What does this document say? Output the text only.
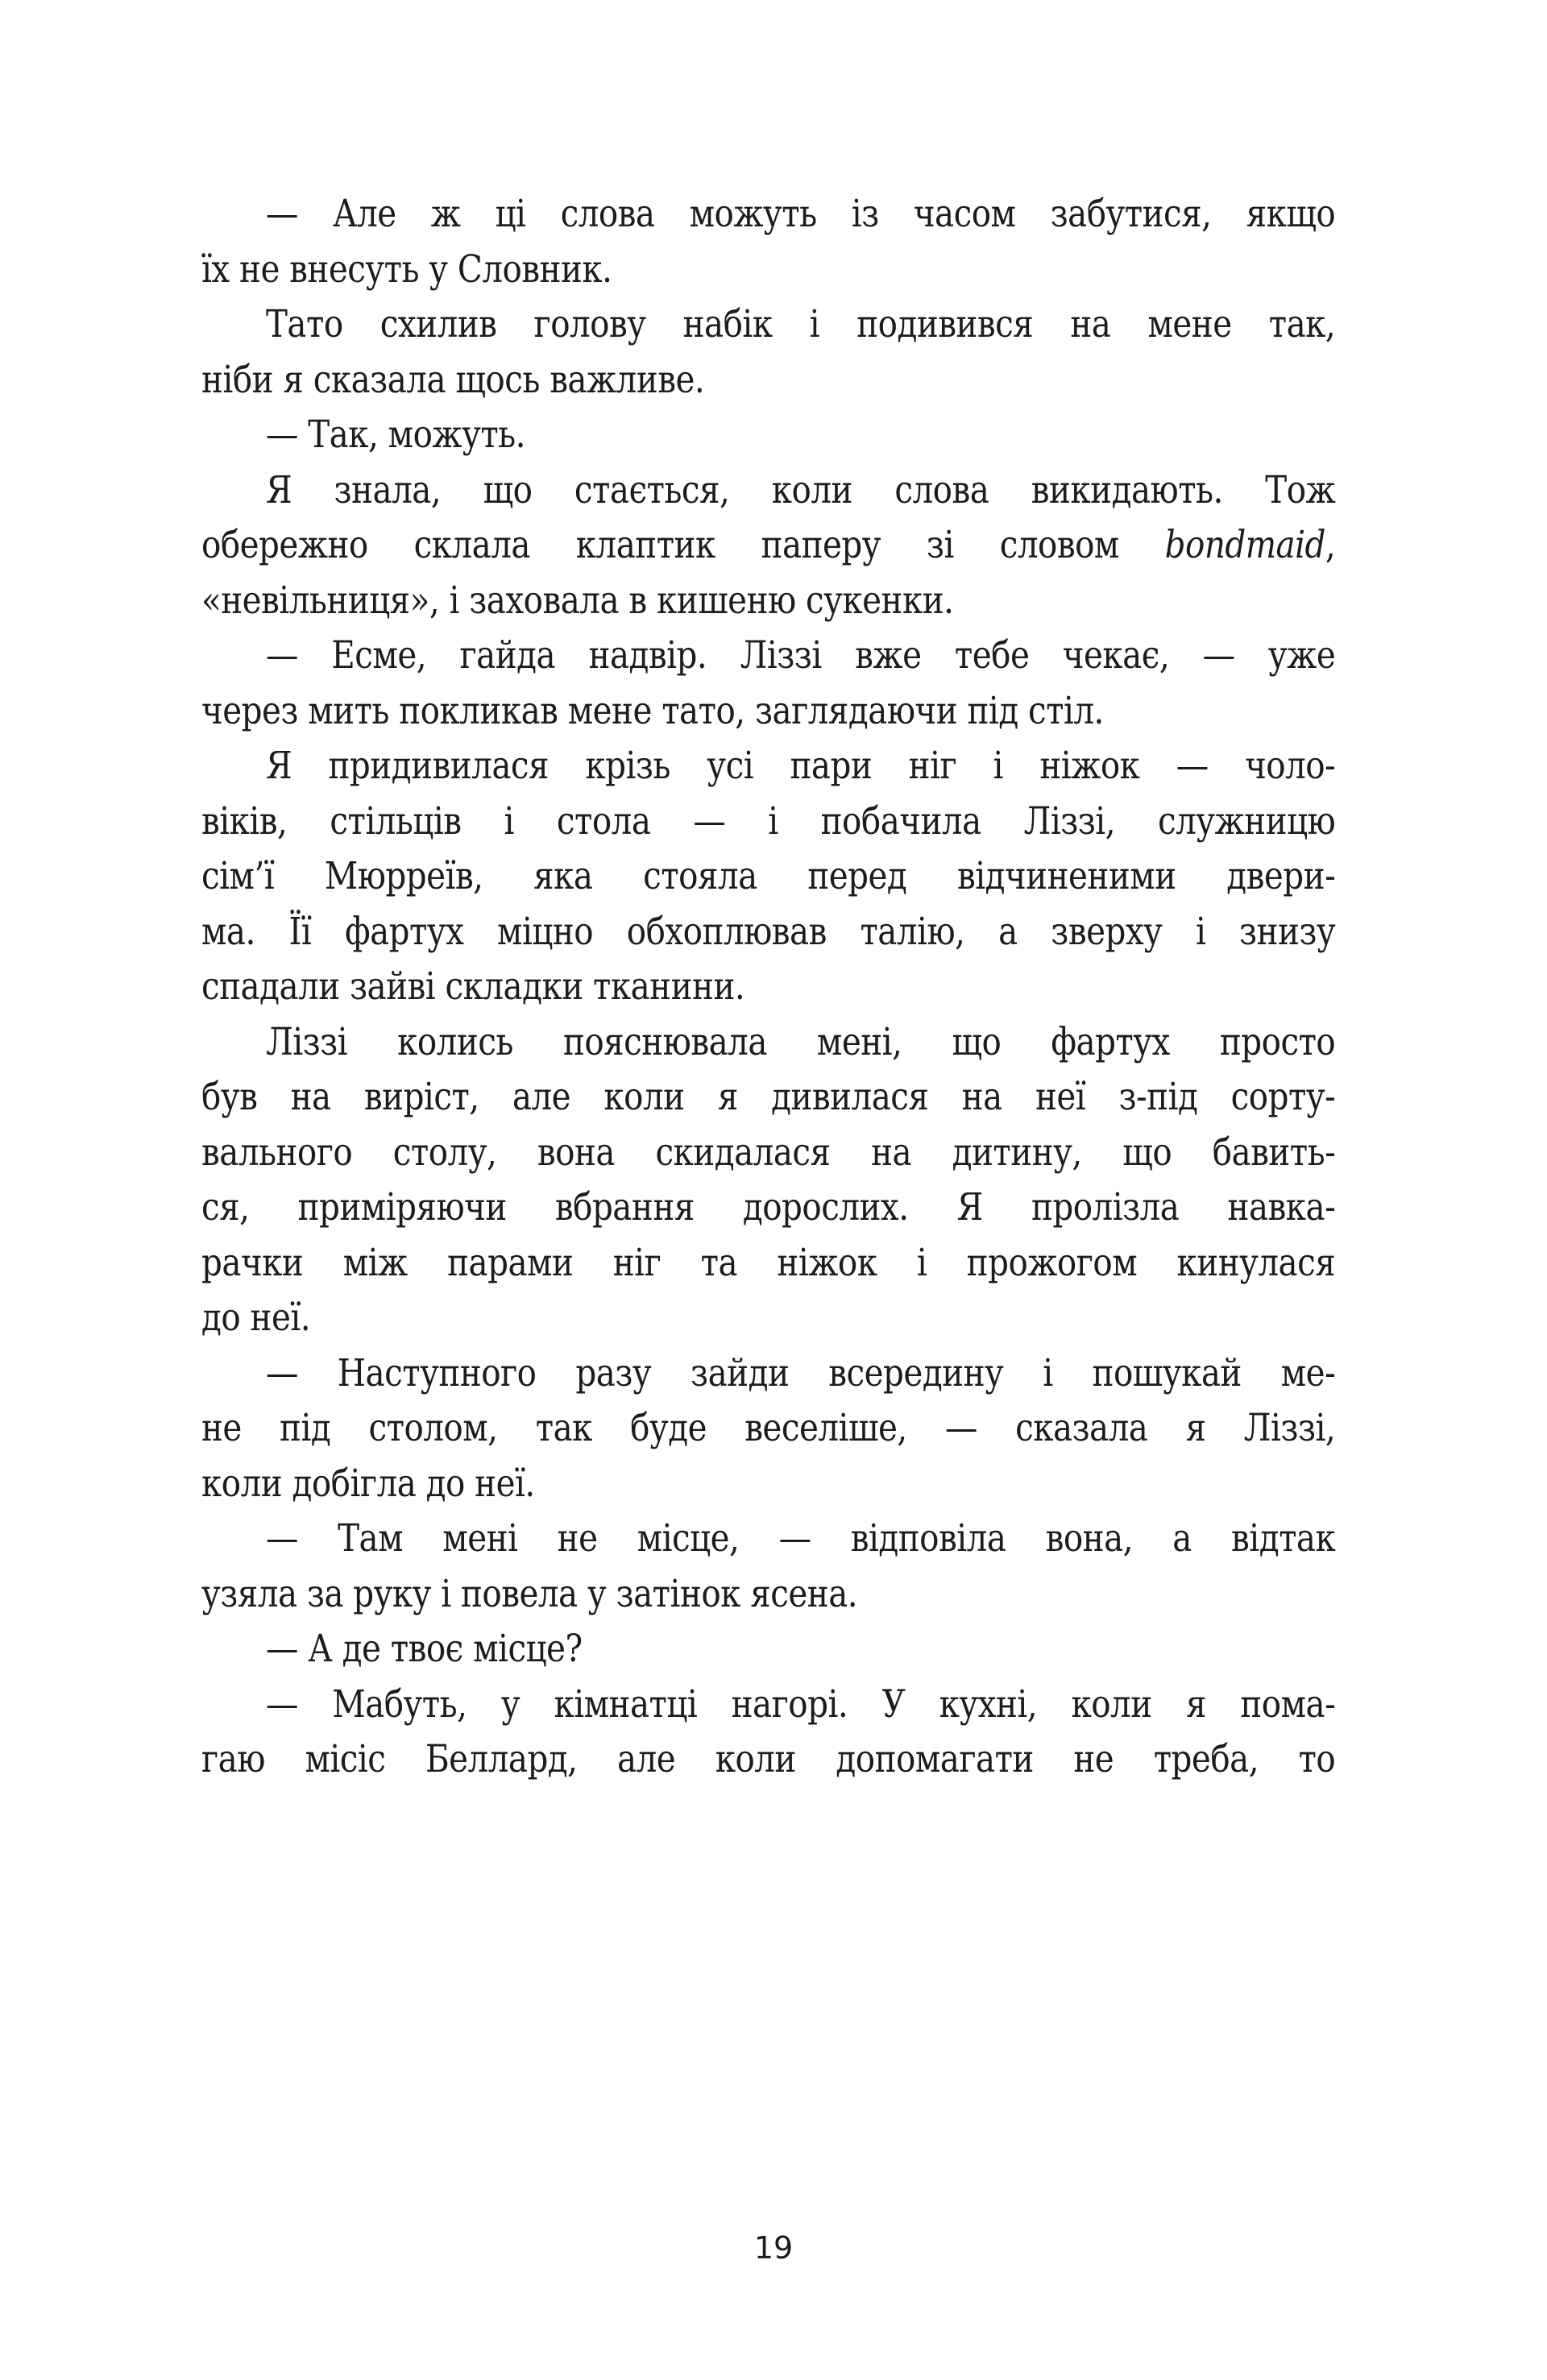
— Але ж ці слова можуть із часом забутися, якщо
їх не внесуть у Словник.
Тато схилив голову набік і подивився на мене так,
ніби я сказала щось важливе.
— Так, можуть.
Я знала, що стається, коли слова викидають. Тож
обережно склала клаптик паперу зі словом bondmaid,
«невільниця», і заховала в кишеню сукенки.
— Есме, гайда надвір. Ліззі вже тебе чекає, — уже
через мить покликав мене тато, заглядаючи під стіл.
Я придивилася крізь усі пари ніг і ніжок — чоло-
віків, стільців і стола — і побачила Ліззі, служницю
сім’ї Мюрреїв, яка стояла перед відчиненими двери-
ма. Її фартух міцно обхоплював талію, а зверху і знизу
спадали зайві складки тканини.
Ліззі колись пояснювала мені, що фартух просто
був на виріст, але коли я дивилася на неї з-під сорту-
вального столу, вона скидалася на дитину, що бавить-
ся, приміряючи вбрання дорослих. Я пролізла навка-
рачки між парами ніг та ніжок і прожогом кинулася
до неї.
— Наступного разу зайди всередину і пошукай ме-
не під столом, так буде веселіше, — сказала я Ліззі,
коли добігла до неї.
— Там мені не місце, — відповіла вона, а відтак
узяла за руку і повела у затінок ясена.
— А де твоє місце?
— Мабуть, у кімнатці нагорі. У кухні, коли я пома-
гаю місіс Беллард, але коли допомагати не треба, то
19
